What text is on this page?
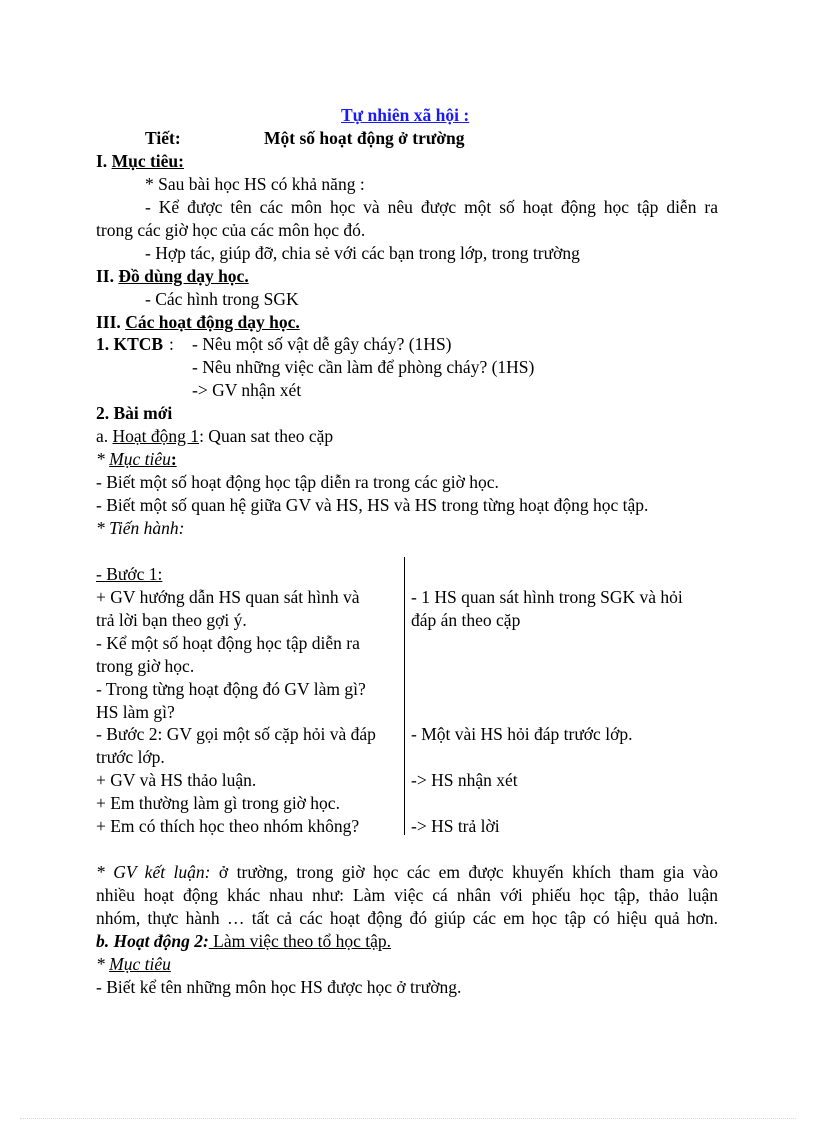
Tự nhiên xã hội :
Tiết:	Một số hoạt động ở trường
I. Mục tiêu:
* Sau bài học HS có khả năng :
- Kể được tên các môn học và nêu được một số hoạt động học tập diễn ra
trong các giờ học của các môn học đó.
- Hợp tác, giúp đỡ, chia sẻ với các bạn trong lớp, trong trường
II. Đồ dùng dạy học.
- Các hình trong SGK
III. Các hoạt động dạy học.
1. KTCB : - Nêu một số vật dễ gây cháy? (1HS)
- Nêu những việc cần làm để phòng cháy? (1HS)
-> GV nhận xét
2. Bài mới
a. Hoạt động 1: Quan sat theo cặp
* Mục tiêu:
- Biết một số hoạt động học tập diễn ra trong các giờ học.
- Biết một số quan hệ giữa GV và HS, HS và HS trong từng hoạt động học tập.
* Tiến hành:
- Bước 1:
+ GV hướng dẫn HS quan sát hình và
trả lời bạn theo gợi ý.
- Kể một số hoạt động học tập diễn ra
trong giờ học.
- Trong từng hoạt động đó GV làm gì?
HS làm gì?
- Bước 2: GV gọi một số cặp hỏi và đáp
trước lớp.
+ GV và HS thảo luận.
+ Em thường làm gì trong giờ học.
+ Em có thích học theo nhóm không?
- 1 HS quan sát hình trong SGK và hỏi
đáp án theo cặp
- Một vài HS hỏi đáp trước lớp.
-> HS nhận xét
-> HS trả lời
* GV kết luận: ở trường, trong giờ học các em được khuyến khích tham gia vào
nhiều hoạt động khác nhau như: Làm việc cá nhân với phiếu học tập, thảo luận
nhóm, thực hành … tất cả các hoạt động đó giúp các em học tập có hiệu quả hơn.
b. Hoạt động 2: Làm việc theo tổ học tập.
* Mục tiêu
- Biết kể tên những môn học HS được học ở trường.
